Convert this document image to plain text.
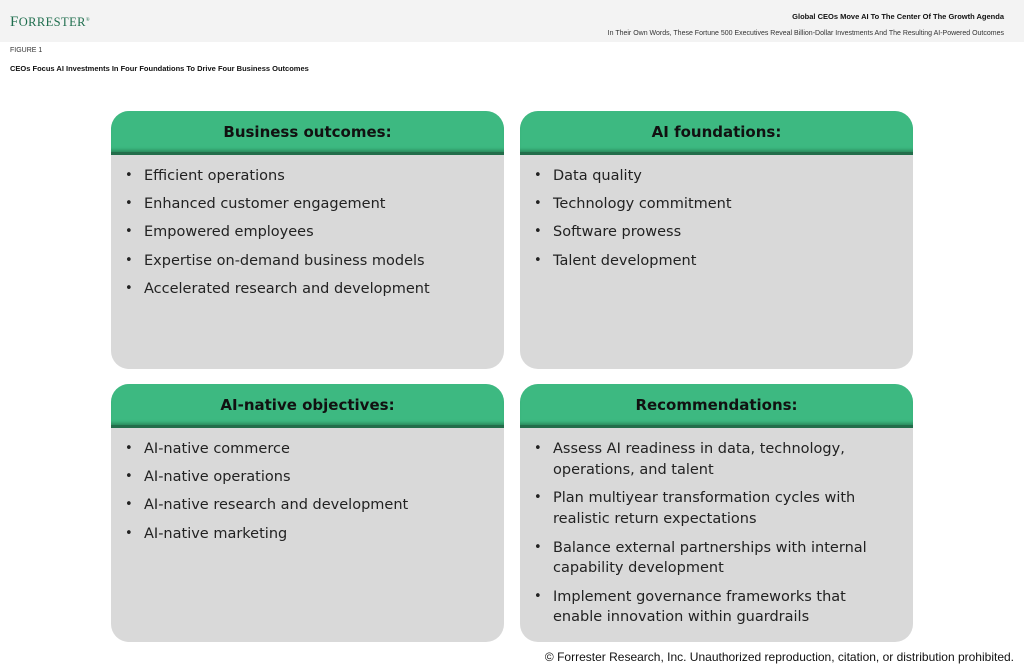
FORRESTER®	Global CEOs Move AI To The Center Of The Growth Agenda
In Their Own Words, These Fortune 500 Executives Reveal Billion-Dollar Investments And The Resulting AI-Powered Outcomes
FIGURE 1
CEOs Focus AI Investments In Four Foundations To Drive Four Business Outcomes
Business outcomes:
• Efficient operations
• Enhanced customer engagement
• Empowered employees
• Expertise on-demand business models
• Accelerated research and development
AI foundations:
• Data quality
• Technology commitment
• Software prowess
• Talent development
AI-native objectives:
• AI-native commerce
• AI-native operations
• AI-native research and development
• AI-native marketing
Recommendations:
• Assess AI readiness in data, technology, operations, and talent
• Plan multiyear transformation cycles with realistic return expectations
• Balance external partnerships with internal capability development
• Implement governance frameworks that enable innovation within guardrails
© Forrester Research, Inc. Unauthorized reproduction, citation, or distribution prohibited.
